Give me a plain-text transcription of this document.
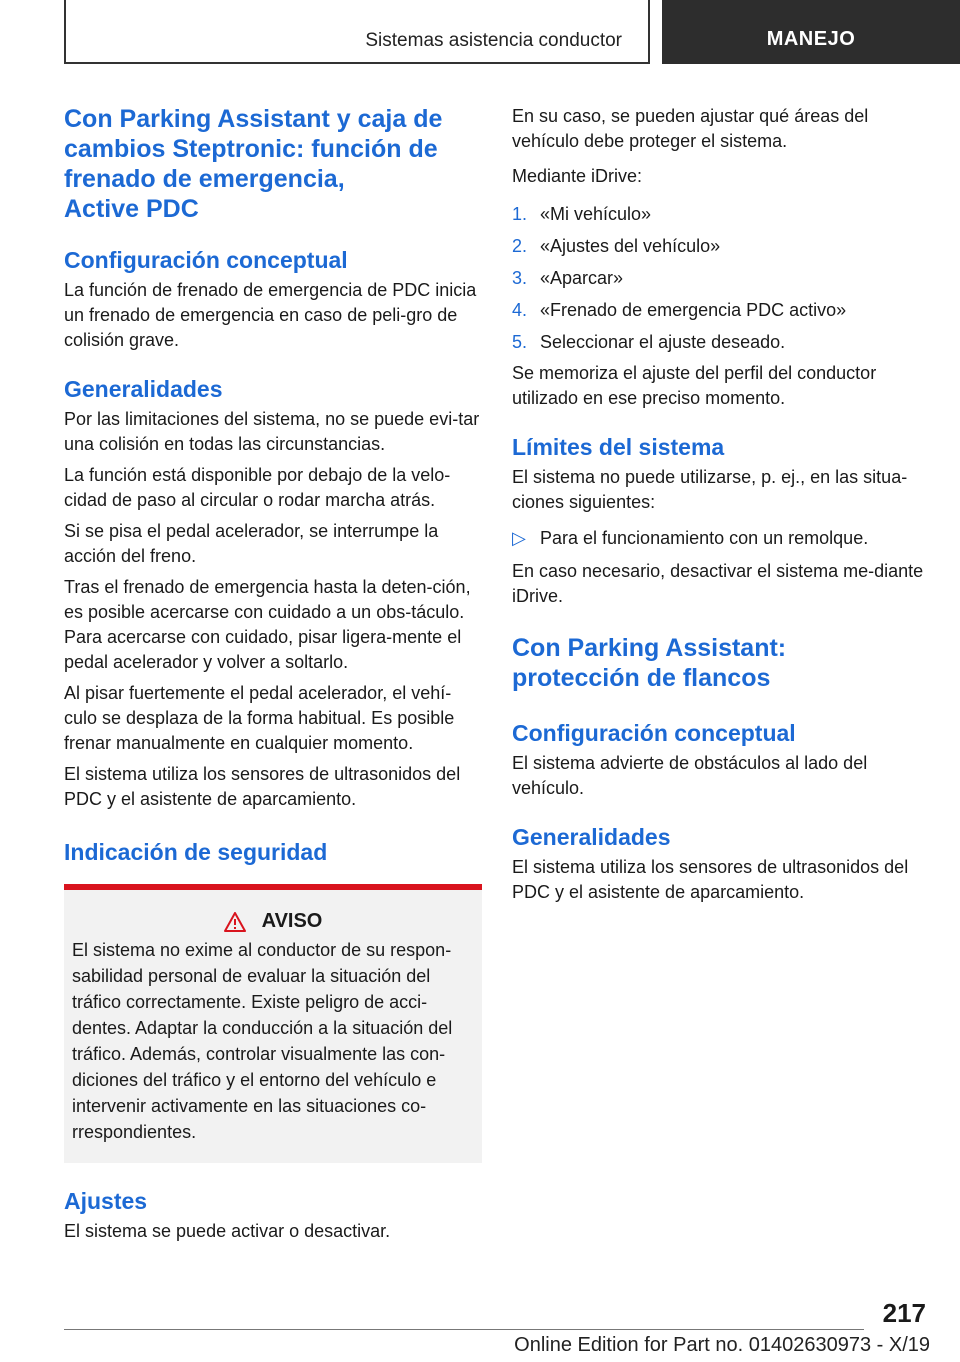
Sistemas asistencia conductor	MANEJO
Con Parking Assistant y caja de
cambios Steptronic: función de
frenado de emergencia,
Active PDC
Configuración conceptual

La función de frenado de emergencia de PDC inicia un frenado de emergencia en caso de peli-gro de colisión grave.

Generalidades

Por las limitaciones del sistema, no se puede evi-tar una colisión en todas las circunstancias.

La función está disponible por debajo de la velo-cidad de paso al circular o rodar marcha atrás.

Si se pisa el pedal acelerador, se interrumpe la acción del freno.

Tras el frenado de emergencia hasta la deten-ción, es posible acercarse con cuidado a un obs-táculo. Para acercarse con cuidado, pisar ligera-mente el pedal acelerador y volver a soltarlo.

Al pisar fuertemente el pedal acelerador, el vehí-culo se desplaza de la forma habitual. Es posible frenar manualmente en cualquier momento.

El sistema utiliza los sensores de ultrasonidos del PDC y el asistente de aparcamiento.

Indicación de seguridad
AVISO

El sistema no exime al conductor de su respon-sabilidad personal de evaluar la situación del tráfico correctamente. Existe peligro de acci-dentes. Adaptar la conducción a la situación del tráfico. Además, controlar visualmente las con-diciones del tráfico y el entorno del vehículo e intervenir activamente en las situaciones co-rrespondientes.

Ajustes

El sistema se puede activar o desactivar.

En su caso, se pueden ajustar qué áreas del vehículo debe proteger el sistema.

Mediante iDrive:

1. «Mi vehículo»
2. «Ajustes del vehículo»
3. «Aparcar»
4. «Frenado de emergencia PDC activo»
5. Seleccionar el ajuste deseado.

Se memoriza el ajuste del perfil del conductor utilizado en ese preciso momento.

Límites del sistema

El sistema no puede utilizarse, p. ej., en las situa-ciones siguientes:

▷ Para el funcionamiento con un remolque.

En caso necesario, desactivar el sistema me-diante iDrive.

Con Parking Assistant:
protección de flancos
Configuración conceptual

El sistema advierte de obstáculos al lado del vehículo.

Generalidades

El sistema utiliza los sensores de ultrasonidos del PDC y el asistente de aparcamiento.

217
Online Edition for Part no. 01402630973 - X/19
